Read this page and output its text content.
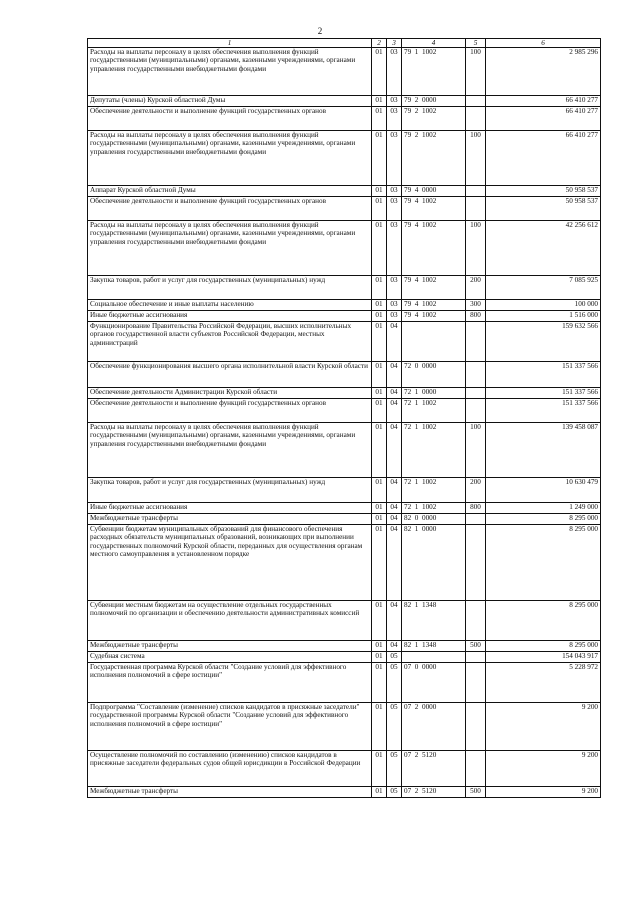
2
1	2	3	4	5	6
Расходы на выплаты персоналу в целях обеспечения выполнения функций государственными (муниципальными) органами, казенными учреждениями, органами управления государственными внебюджетными фондами	01	03	79  1  1002	100	2 985 296
Депутаты (члены) Курской областной Думы	01	03	79  2  0000		66 410 277
Обеспечение деятельности и выполнение функций государственных органов	01	03	79  2  1002		66 410 277
Расходы на выплаты персоналу в целях обеспечения выполнения функций государственными (муниципальными) органами, казенными учреждениями, органами управления государственными внебюджетными фондами	01	03	79  2  1002	100	66 410 277
Аппарат Курской областной Думы	01	03	79  4  0000		50 958 537
Обеспечение деятельности и выполнение функций государственных органов	01	03	79  4  1002		50 958 537
Расходы на выплаты персоналу в целях обеспечения выполнения функций государственными (муниципальными) органами, казенными учреждениями, органами управления государственными внебюджетными фондами	01	03	79  4  1002	100	42 256 612
Закупка товаров, работ и услуг для государственных (муниципальных) нужд	01	03	79  4  1002	200	7 085 925
Социальное обеспечение и иные выплаты населению	01	03	79  4  1002	300	100 000
Иные бюджетные ассигнования	01	03	79  4  1002	800	1 516 000
Функционирование Правительства Российской Федерации, высших исполнительных органов государственной власти субъектов Российской Федерации, местных администраций	01	04			159 632 566
Обеспечение функционирования высшего органа исполнительной власти Курской области	01	04	72  0  0000		151 337 566
Обеспечение деятельности Администрации Курской области	01	04	72  1  0000		151 337 566
Обеспечение деятельности и выполнение функций государственных органов	01	04	72  1  1002		151 337 566
Расходы на выплаты персоналу в целях обеспечения выполнения функций государственными (муниципальными) органами, казенными учреждениями, органами управления государственными внебюджетными фондами	01	04	72  1  1002	100	139 458 087
Закупка товаров, работ и услуг для государственных (муниципальных) нужд	01	04	72  1  1002	200	10 630 479
Иные бюджетные ассигнования	01	04	72  1  1002	800	1 249 000
Межбюджетные трансферты	01	04	82  0  0000		8 295 000
Субвенции бюджетам муниципальных образований для финансового обеспечения расходных обязательств муниципальных образований, возникающих при выполнении государственных полномочий Курской области, переданных для осуществления органам местного самоуправления в установленном порядке	01	04	82  1  0000		8 295 000
Субвенции местным бюджетам на осуществление отдельных государственных полномочий по организации и обеспечению деятельности административных комиссий	01	04	82  1  1348		8 295 000
Межбюджетные трансферты	01	04	82  1  1348	500	8 295 000
Судебная система	01	05			154 043 917
Государственная программа Курской области "Создание условий для эффективного исполнения полномочий в сфере юстиции"	01	05	07  0  0000		5 228 972
Подпрограмма "Составление (изменение) списков кандидатов в присяжные заседатели" государственной программы Курской области "Создание условий для эффективного исполнения полномочий в сфере юстиции"	01	05	07  2  0000		9 200
Осуществление полномочий по составлению (изменению) списков кандидатов в присяжные заседатели федеральных судов общей юрисдикции в Российской Федерации	01	05	07  2  5120		9 200
Межбюджетные трансферты	01	05	07  2  5120	500	9 200
